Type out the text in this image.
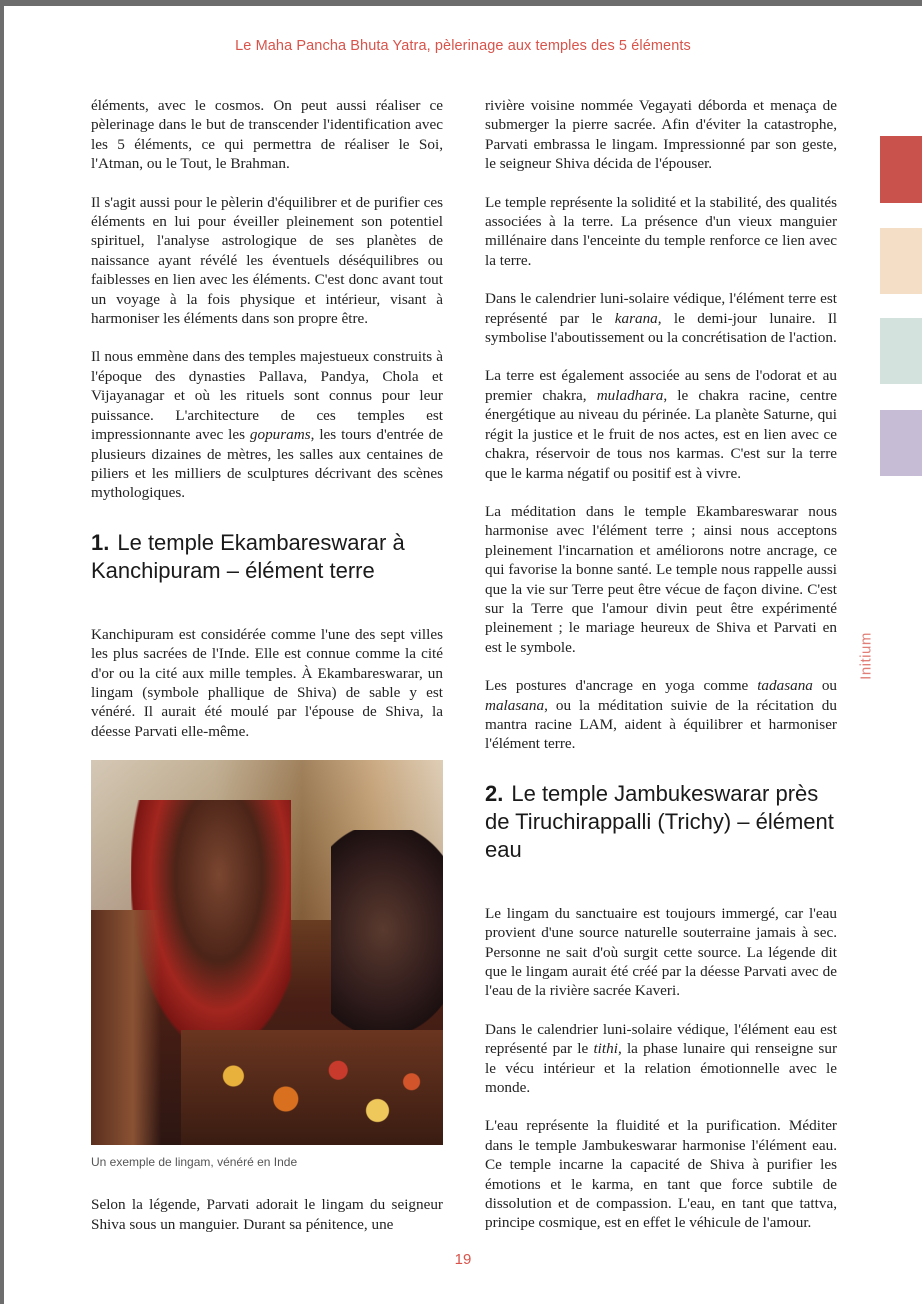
Le Maha Pancha Bhuta Yatra, pèlerinage aux temples des 5 éléments

éléments, avec le cosmos. On peut aussi réaliser ce pèlerinage dans le but de transcender l'identification avec les 5 éléments, ce qui permettra de réaliser le Soi, l'Atman, ou le Tout, le Brahman.

Il s'agit aussi pour le pèlerin d'équilibrer et de purifier ces éléments en lui pour éveiller pleinement son potentiel spirituel, l'analyse astrologique de ses planètes de naissance ayant révélé les éventuels déséquilibres ou faiblesses en lien avec les éléments. C'est donc avant tout un voyage à la fois physique et intérieur, visant à harmoniser les éléments dans son propre être.

Il nous emmène dans des temples majestueux construits à l'époque des dynasties Pallava, Pandya, Chola et Vijayanagar et où les rituels sont connus pour leur puissance. L'architecture de ces temples est impressionnante avec les gopurams, les tours d'entrée de plusieurs dizaines de mètres, les salles aux centaines de piliers et les milliers de sculptures décrivant des scènes mythologiques.

1. Le temple Ekambareswarar à Kanchipuram – élément terre

Kanchipuram est considérée comme l'une des sept villes les plus sacrées de l'Inde. Elle est connue comme la cité d'or ou la cité aux mille temples. À Ekambareswarar, un lingam (symbole phallique de Shiva) de sable y est vénéré. Il aurait été moulé par l'épouse de Shiva, la déesse Parvati elle-même.

Un exemple de lingam, vénéré en Inde

Selon la légende, Parvati adorait le lingam du seigneur Shiva sous un manguier. Durant sa pénitence, une

rivière voisine nommée Vegayati déborda et menaça de submerger la pierre sacrée. Afin d'éviter la catastrophe, Parvati embrassa le lingam. Impressionné par son geste, le seigneur Shiva décida de l'épouser.

Le temple représente la solidité et la stabilité, des qualités associées à la terre. La présence d'un vieux manguier millénaire dans l'enceinte du temple renforce ce lien avec la terre.

Dans le calendrier luni-solaire védique, l'élément terre est représenté par le karana, le demi-jour lunaire. Il symbolise l'aboutissement ou la concrétisation de l'action.

La terre est également associée au sens de l'odorat et au premier chakra, muladhara, le chakra racine, centre énergétique au niveau du périnée. La planète Saturne, qui régit la justice et le fruit de nos actes, est en lien avec ce chakra, réservoir de tous nos karmas. C'est sur la terre que le karma négatif ou positif est à vivre.

La méditation dans le temple Ekambareswarar nous harmonise avec l'élément terre ; ainsi nous acceptons pleinement l'incarnation et améliorons notre ancrage, ce qui favorise la bonne santé. Le temple nous rappelle aussi que la vie sur Terre peut être vécue de façon divine. C'est sur la Terre que l'amour divin peut être expérimenté pleinement ; le mariage heureux de Shiva et Parvati en est le symbole.

Les postures d'ancrage en yoga comme tadasana ou malasana, ou la méditation suivie de la récitation du mantra racine LAM, aident à équilibrer et harmoniser l'élément terre.

2. Le temple Jambukeswarar près de Tiruchirappalli (Trichy) – élément eau

Le lingam du sanctuaire est toujours immergé, car l'eau provient d'une source naturelle souterraine jamais à sec. Personne ne sait d'où surgit cette source. La légende dit que le lingam aurait été créé par la déesse Parvati avec de l'eau de la rivière sacrée Kaveri.

Dans le calendrier luni-solaire védique, l'élément eau est représenté par le tithi, la phase lunaire qui renseigne sur le vécu intérieur et la relation émotionnelle avec le monde.

L'eau représente la fluidité et la purification. Méditer dans le temple Jambukeswarar harmonise l'élément eau. Ce temple incarne la capacité de Shiva à purifier les émotions et le karma, en tant que force subtile de dissolution et de compassion. L'eau, en tant que tattva, principe cosmique, est en effet le véhicule de l'amour.

Initium
19
